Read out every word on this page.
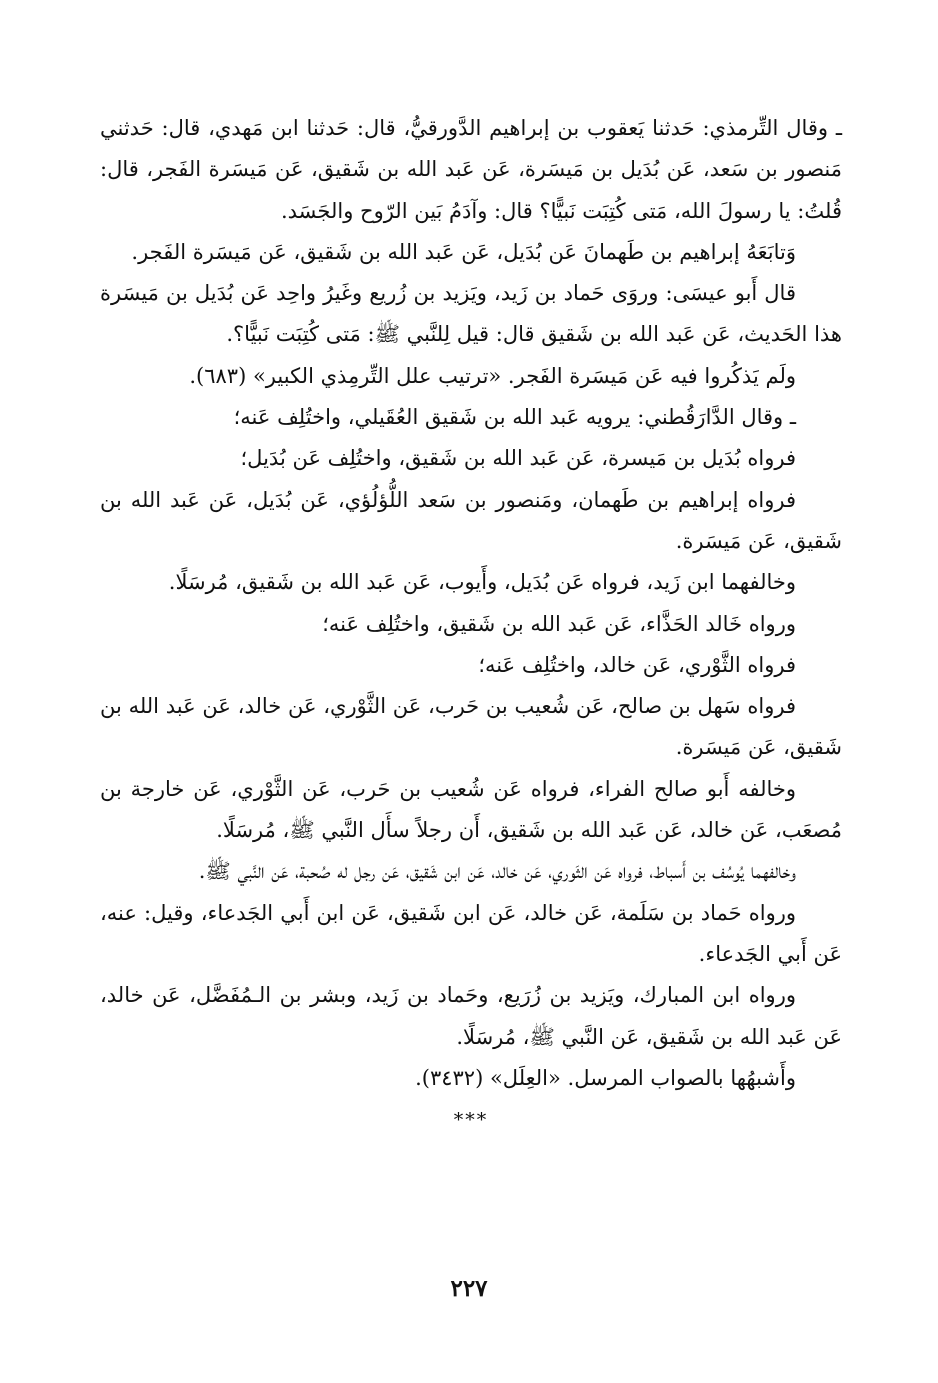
ـ وقال التِّرمذي: حَدثنا يَعقوب بن إبراهيم الدَّورقيُّ، قال: حَدثنا ابن مَهدي، قال: حَدثني مَنصور بن سَعد، عَن بُدَيل بن مَيسَرة، عَن عَبد الله بن شَقيق، عَن مَيسَرة الفَجر، قال: قُلتُ: يا رسولَ الله، مَتى كُتِبَت نَبيًّا؟ قال: وآدَمُ بَين الرّوح والجَسَد.

وَتابَعَهُ إبراهيم بن طَهمانَ عَن بُدَيل، عَن عَبد الله بن شَقيق، عَن مَيسَرة الفَجر.

قال أَبو عيسَى: وروَى حَماد بن زَيد، ويَزيد بن زُريع وغَيرُ واحِد عَن بُدَيل بن مَيسَرة هذا الحَديث، عَن عَبد الله بن شَقيق قال: قيل لِلنَّبي ﷺ: مَتى كُتِبَت نَبيًّا؟.

ولَم يَذكُروا فيه عَن مَيسَرة الفَجر. «ترتيب علل التِّرمِذي الكبير» (٦٨٣).

ـ وقال الدَّارَقُطني: يرويه عَبد الله بن شَقيق العُقَيلي، واختُلِف عَنه؛

فرواه بُدَيل بن مَيسرة، عَن عَبد الله بن شَقيق، واختُلِف عَن بُدَيل؛

فرواه إبراهيم بن طَهمان، ومَنصور بن سَعد اللُّؤلُؤي، عَن بُدَيل، عَن عَبد الله بن شَقيق، عَن مَيسَرة.

وخالفهما ابن زَيد، فرواه عَن بُدَيل، وأَيوب، عَن عَبد الله بن شَقيق، مُرسَلًا.

ورواه خَالد الحَذَّاء، عَن عَبد الله بن شَقيق، واختُلِف عَنه؛

فرواه الثَّوْري، عَن خالد، واختُلِف عَنه؛

فرواه سَهل بن صالح، عَن شُعيب بن حَرب، عَن الثَّوْري، عَن خالد، عَن عَبد الله بن شَقيق، عَن مَيسَرة.

وخالفه أَبو صالح الفراء، فرواه عَن شُعيب بن حَرب، عَن الثَّوْري، عَن خارجة بن مُصعَب، عَن خالد، عَن عَبد الله بن شَقيق، أَن رجلاً سأَل النَّبي ﷺ، مُرسَلًا.

وخالفهما يُوسُف بن أَسباط، فرواه عَن الثَوري، عَن خالد، عَن ابن شَقيق، عَن رجل له صُحبة، عَن النَّبي ﷺ.

ورواه حَماد بن سَلَمة، عَن خالد، عَن ابن شَقيق، عَن ابن أَبي الجَدعاء، وقيل: عنه، عَن أَبي الجَدعاء.

ورواه ابن المبارك، ويَزيد بن زُرَيع، وحَماد بن زَيد، وبشر بن الـمُفَضَّل، عَن خالد، عَن عَبد الله بن شَقيق، عَن النَّبي ﷺ، مُرسَلًا.

وأَشبهُها بالصواب المرسل. «العِلَل» (٣٤٣٢).

***

٢٢٧
